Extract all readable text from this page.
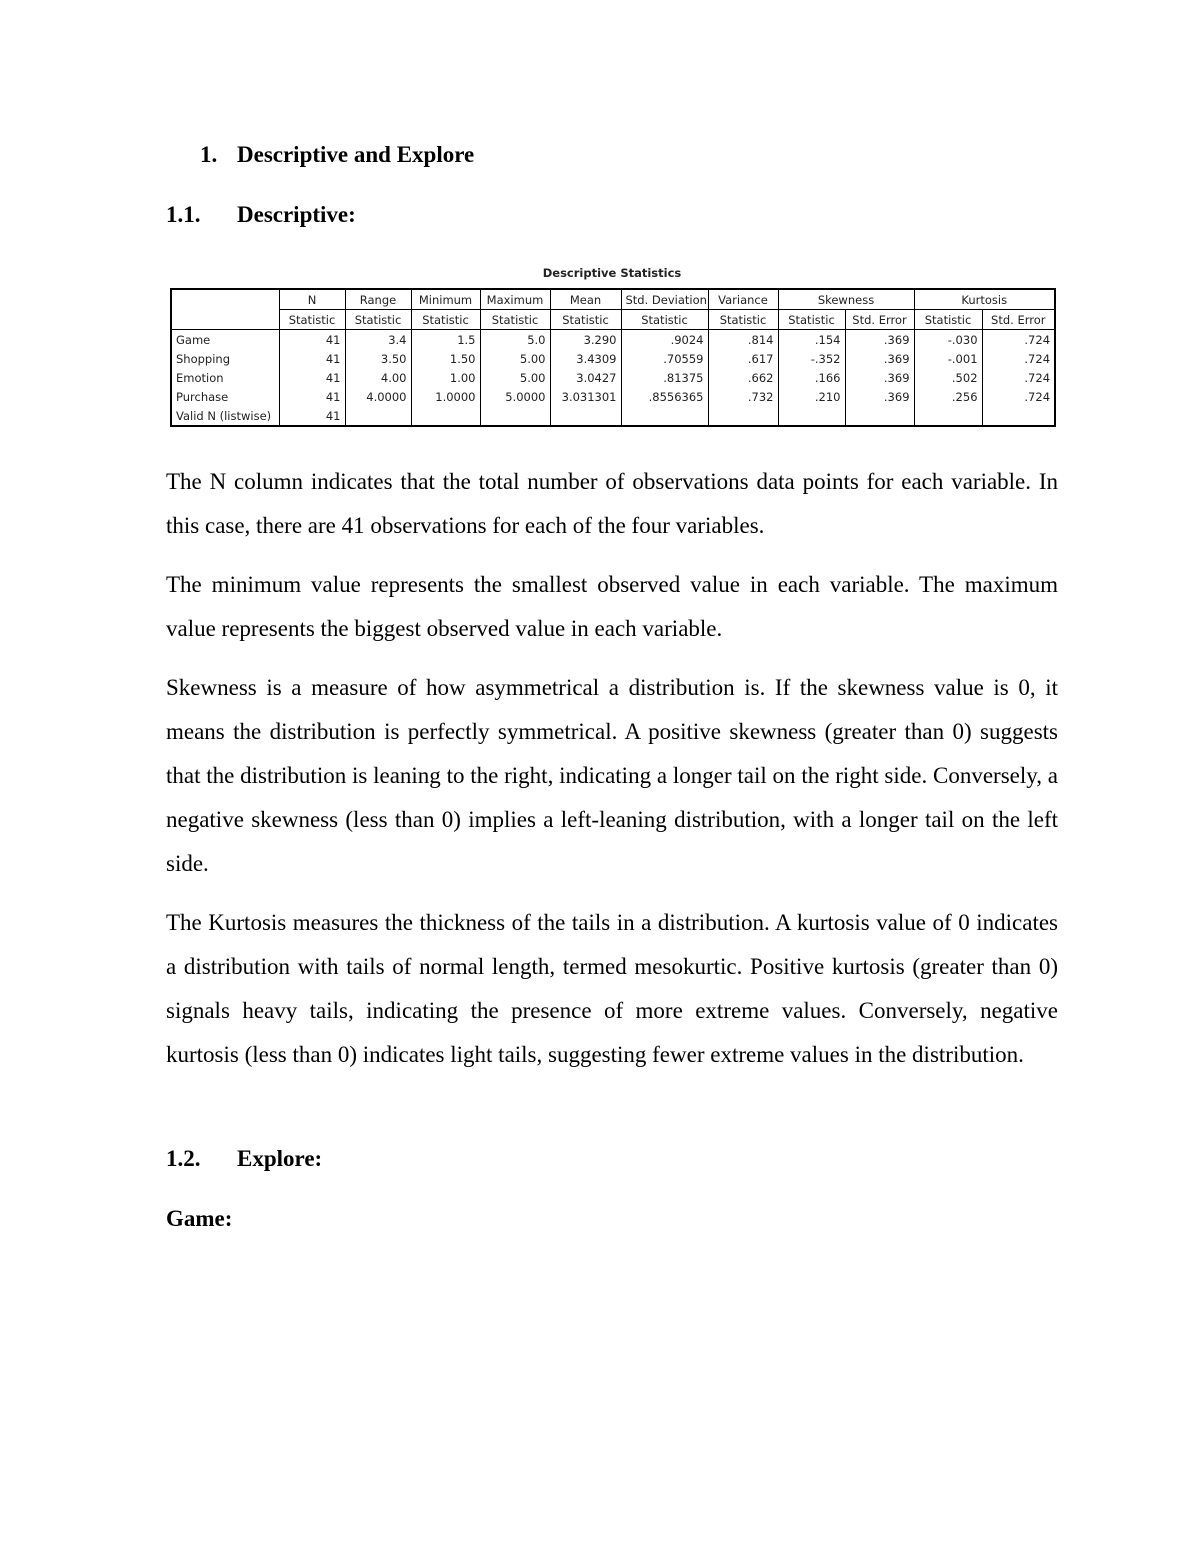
1. Descriptive and Explore
1.1. Descriptive:
Descriptive Statistics
	N	Range	Minimum	Maximum	Mean	Std. Deviation	Variance	Skewness		Kurtosis	
	Statistic	Statistic	Statistic	Statistic	Statistic	Statistic	Statistic	Statistic	Std. Error	Statistic	Std. Error
Game	41	3.4	1.5	5.0	3.290	.9024	.814	.154	.369	-.030	.724
Shopping	41	3.50	1.50	5.00	3.4309	.70559	.617	-.352	.369	-.001	.724
Emotion	41	4.00	1.00	5.00	3.0427	.81375	.662	.166	.369	.502	.724
Purchase	41	4.0000	1.0000	5.0000	3.031301	.8556365	.732	.210	.369	.256	.724
Valid N (listwise)	41										

The N column indicates that the total number of observations data points for each variable. In this case, there are 41 observations for each of the four variables.

The minimum value represents the smallest observed value in each variable. The maximum value represents the biggest observed value in each variable.

Skewness is a measure of how asymmetrical a distribution is. If the skewness value is 0, it means the distribution is perfectly symmetrical. A positive skewness (greater than 0) suggests that the distribution is leaning to the right, indicating a longer tail on the right side. Conversely, a negative skewness (less than 0) implies a left-leaning distribution, with a longer tail on the left side.

The Kurtosis measures the thickness of the tails in a distribution. A kurtosis value of 0 indicates a distribution with tails of normal length, termed mesokurtic. Positive kurtosis (greater than 0) signals heavy tails, indicating the presence of more extreme values. Conversely, negative kurtosis (less than 0) indicates light tails, suggesting fewer extreme values in the distribution.

1.2. Explore:
Game:
